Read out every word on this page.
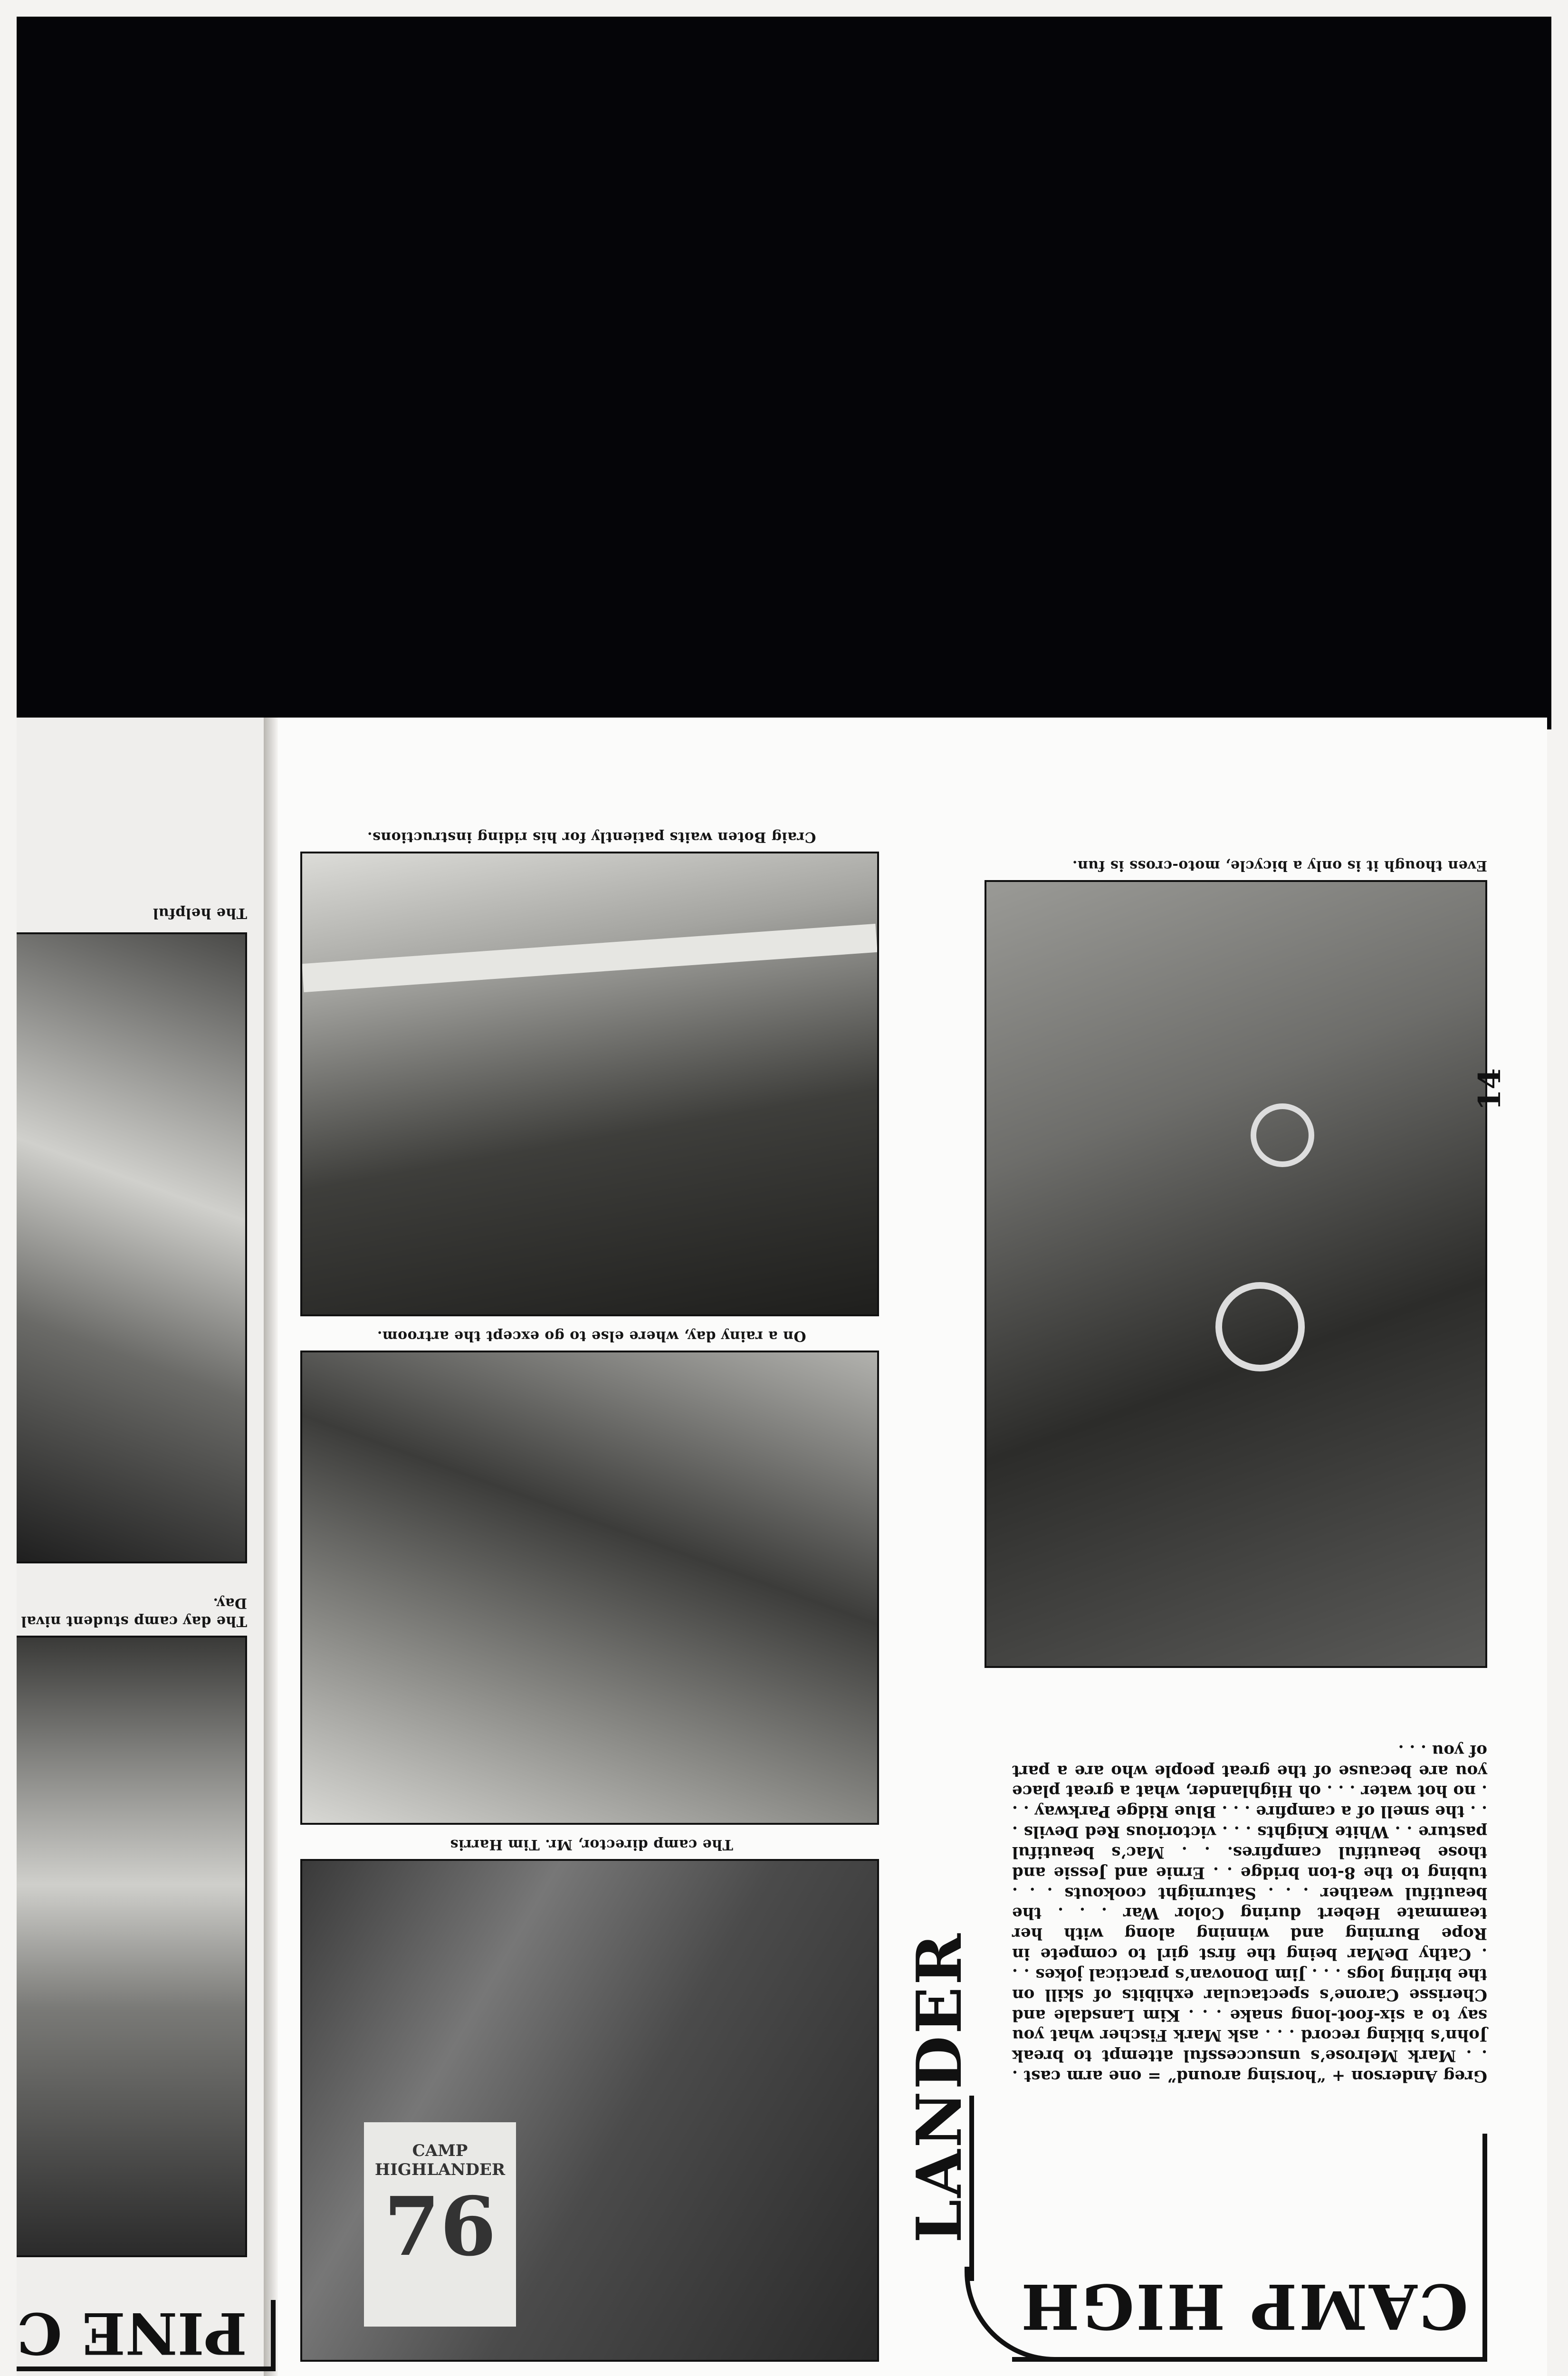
CAMP HIGH
LANDER Greg Anderson + “horsing around” = one arm cast . . . Mark Melrose’s unsuccessful attempt to break John’s biking record . . . ask Mark Fischer what you say to a six-foot-long snake . . . Kim Lansdale and Cherisse Carone’s spectacular exhibits of skill on the birling logs . . . Jim Donovan’s practical jokes . . . Cathy DeMar being the first girl to compete in Rope Burning and winning along with her teammate Hebert during Color War . . . the beautiful weather . . . Saturnight cookouts . . . tubing to the 8-ton bridge . . Ernie and Jessie and those beautiful campfires. . . Mac’s beautiful pasture . . White Knights . . . victorious Red Devils . . . the smell of a campfire . . . Blue Ridge Parkway . . . no hot water . . . oh Highlander, what a great place you are because of the great people who are a part of you . . .
Even though it is only a bicycle, moto-cross is fun.
CAMP HIGHLANDER
76
The camp director, Mr. Tim Harris
On a rainy day, where else to go except the artroom.
Craig Boten waits patiently for his riding instructions.
14
PINE C
The day camp student nival Day.
The helpful
